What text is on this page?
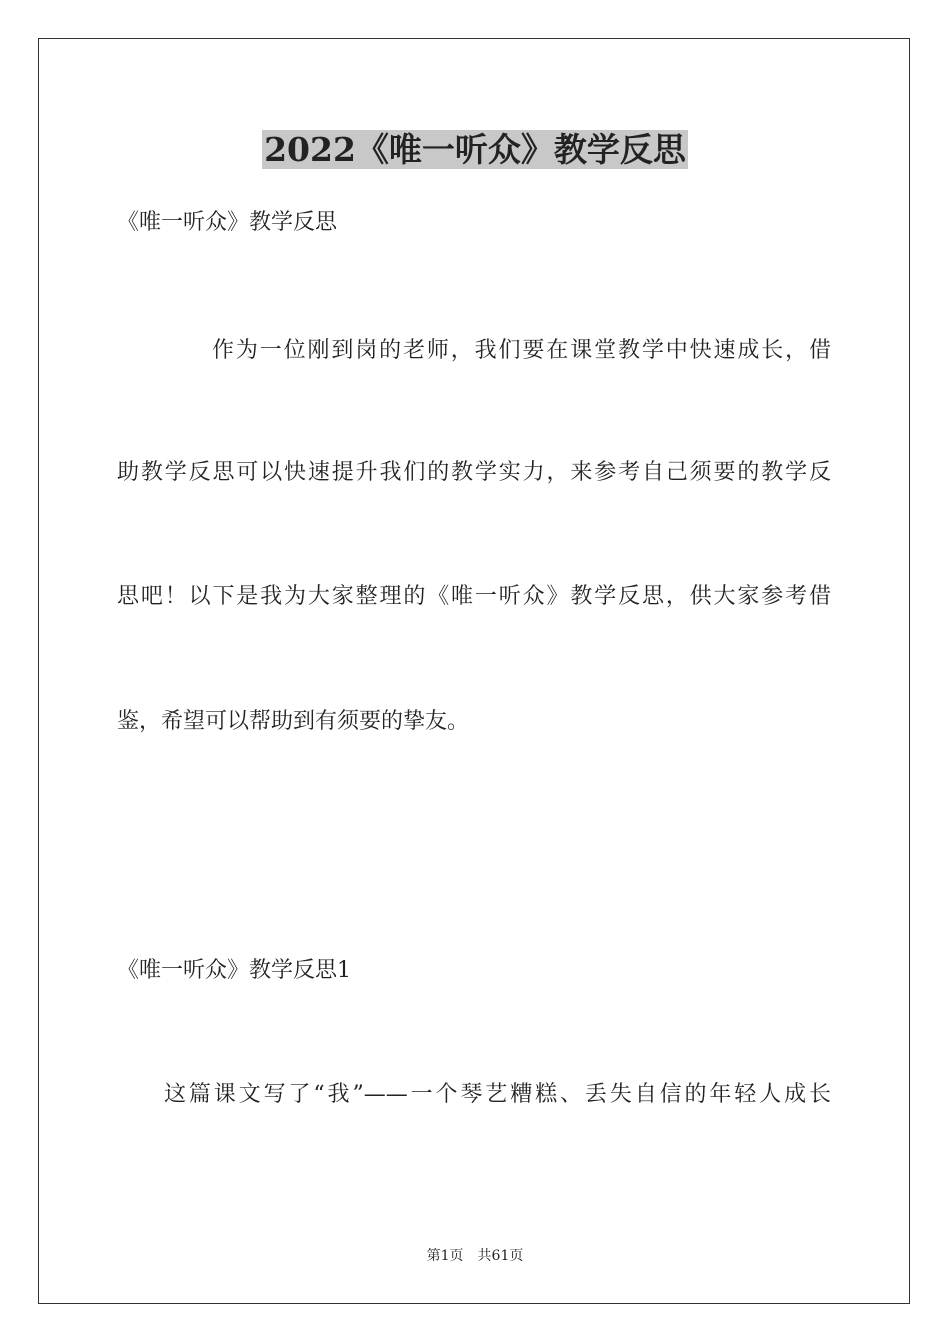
2022《唯一听众》教学反思

《唯一听众》教学反思

作为一位刚到岗的老师，我们要在课堂教学中快速成长，借

助教学反思可以快速提升我们的教学实力，来参考自己须要的教学反

思吧！以下是我为大家整理的《唯一听众》教学反思，供大家参考借

鉴，希望可以帮助到有须要的挚友。

《唯一听众》教学反思1

这篇课文写了“我”——一个琴艺糟糕、丢失自信的年轻人成长

第1页　共61页
